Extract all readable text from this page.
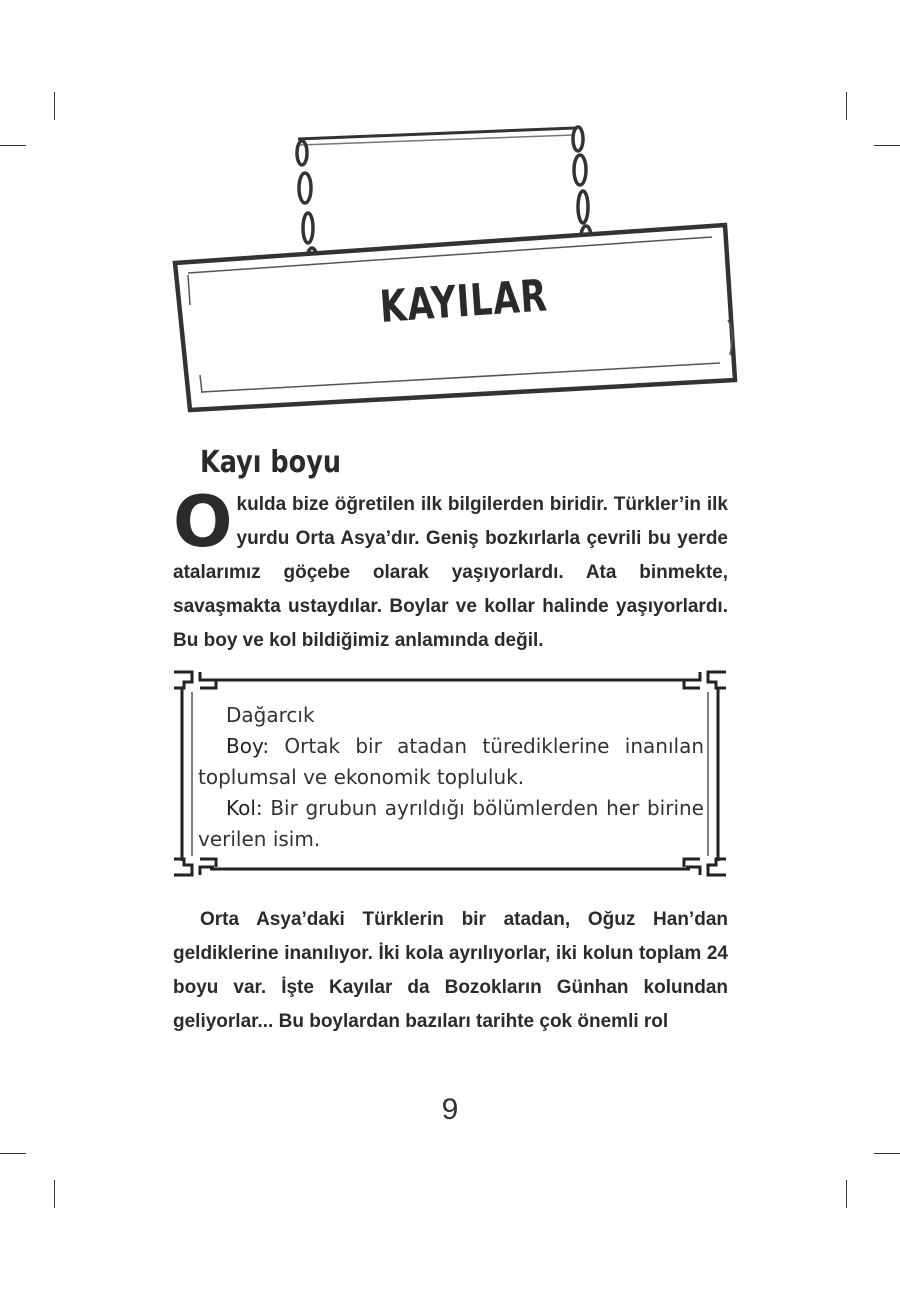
KAYILAR
Kayı boyu
O kulda bize öğretilen ilk bilgilerden biridir. Türkler’in ilk yurdu Orta Asya’dır. Geniş bozkırlarla çevrili bu yerde atalarımız göçebe olarak yaşıyorlardı. Ata binmekte, savaşmakta ustaydılar. Boylar ve kollar halinde yaşıyorlardı. Bu boy ve kol bildiğimiz anlamında değil.

Dağarcık

Boy: Ortak bir atadan türediklerine inanılan toplumsal ve ekonomik topluluk.

Kol: Bir grubun ayrıldığı bölümlerden her birine verilen isim.

Orta Asya’daki Türklerin bir atadan, Oğuz Han’dan geldiklerine inanılıyor. İki kola ayrılıyorlar, iki kolun toplam 24 boyu var. İşte Kayılar da Bozokların Günhan kolundan geliyorlar... Bu boylardan bazıları tarihte çok önemli rol
9
